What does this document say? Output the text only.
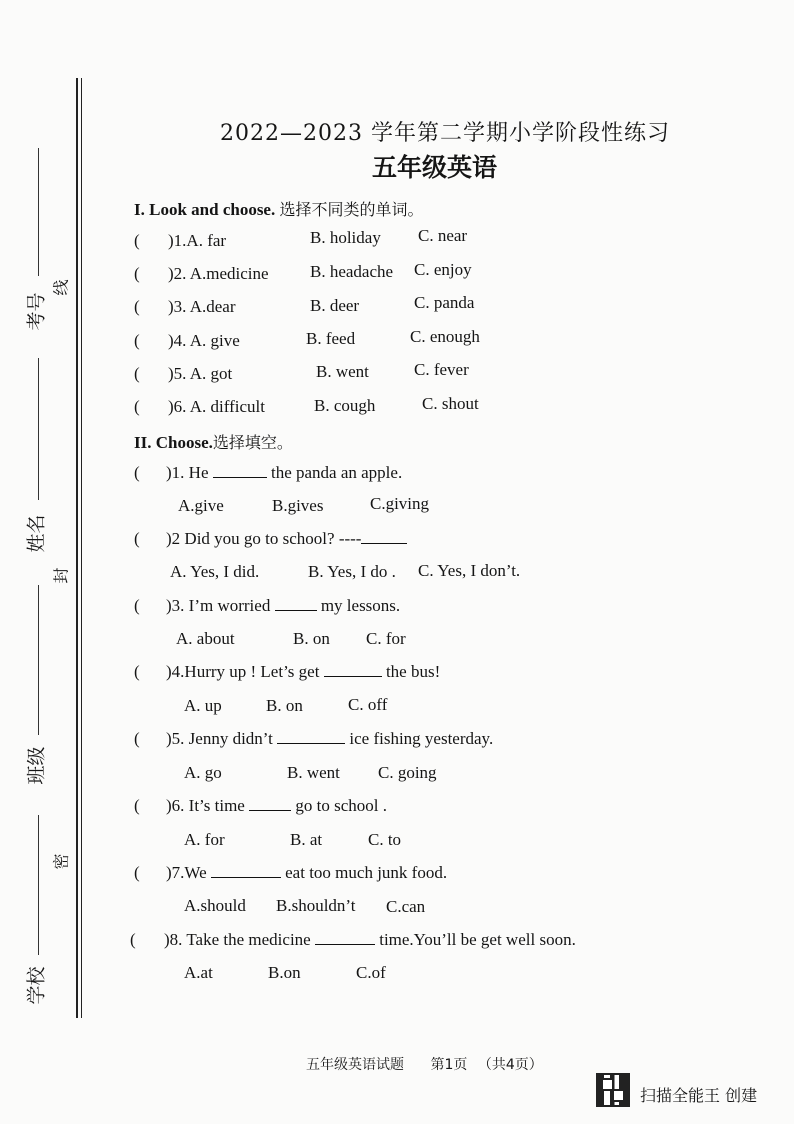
考号
姓名
班级
学校
线
封
密
2022—2023 学年第二学期小学阶段性练习
五年级英语
I. Look and choose. 选择不同类的单词。
( )1.A. far	B. holiday C. near
( )2. A.medicine B. headache C. enjoy
( )3. A.dear	B. deer	C. panda
( )4. A. give	B. feed	C. enough
( )5. A. got	B. went	C. fever
( )6. A. difficult	B. cough	C. shout
II. Choose.选择填空。
( )1. He	the panda an apple.
A.give	B.gives	C.giving
( )2 Did you go to school? ----
A. Yes, I did.	B. Yes, I do . C. Yes, I don’t.
( )3. I’m worried	my lessons.
A. about	B. on C. for
( )4.Hurry up ! Let’s get	the bus!
A. up	B. on	C. off
( )5. Jenny didn’t	ice fishing yesterday.
A. go	B. went C. going
( )6. It’s time	go to school .
A. for	B. at	C. to
( )7.We	eat too much junk food.
A.should B.shouldn’t C.can
( )8. Take the medicine	time.You’ll be get well soon.
A.at	B.on	C.of
五年级英语试题 第1页 （共4页）
扫描全能王 创建
